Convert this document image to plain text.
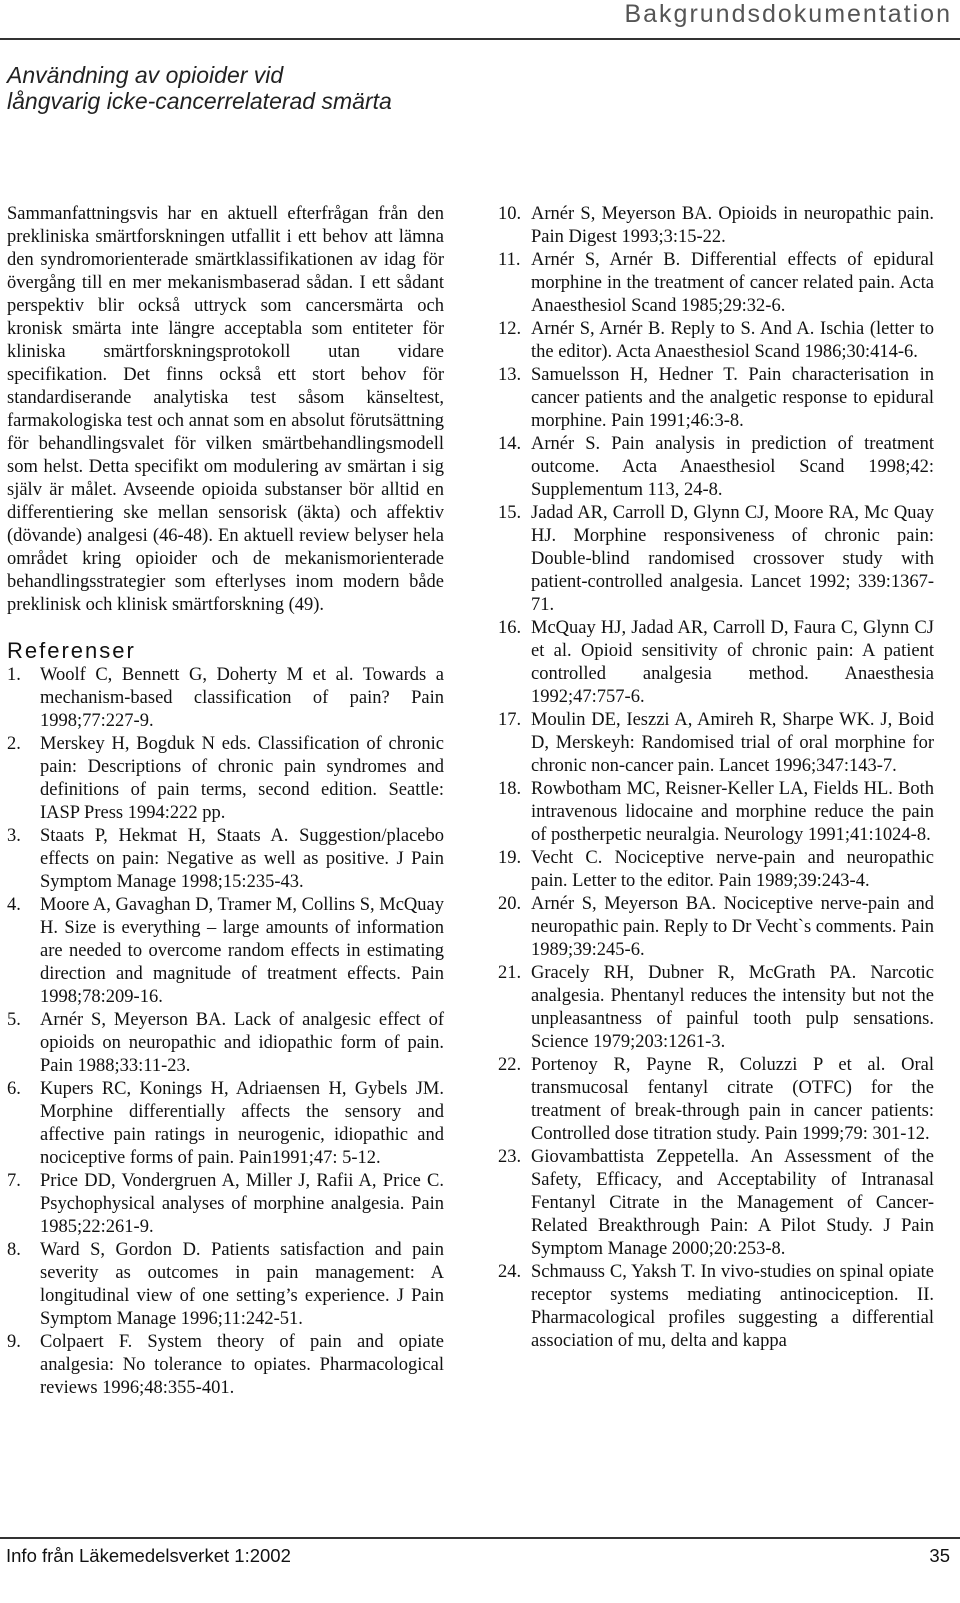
Bakgrundsdokumentation
Användning av opioider vid
långvarig icke-cancerrelaterad smärta

Sammanfattningsvis har en aktuell efterfrågan från den prekliniska smärtforskningen utfallit i ett behov att lämna den syndromorienterade smärtklassifikationen av idag för övergång till en mer mekanismbaserad sådan. I ett sådant perspektiv blir också uttryck som cancersmärta och kronisk smärta inte längre acceptabla som entiteter för kliniska smärtforskningsprotokoll utan vidare specifikation. Det finns också ett stort behov för standardiserande analytiska test såsom känseltest, farmakologiska test och annat som en absolut förutsättning för behandlingsvalet för vilken smärtbehandlingsmodell som helst. Detta specifikt om modulering av smärtan i sig själv är målet. Avseende opioida substanser bör alltid en differentiering ske mellan sensorisk (äkta) och affektiv (dövande) analgesi (46-48). En aktuell review belyser hela området kring opioider och de mekanismorienterade behandlingsstrategier som efterlyses inom modern både preklinisk och klinisk smärtforskning (49).

Referenser
1. Woolf C, Bennett G, Doherty M et al. Towards a mechanism-based classification of pain? Pain 1998;77:227-9.
2. Merskey H, Bogduk N eds. Classification of chronic pain: Descriptions of chronic pain syndromes and definitions of pain terms, second edition. Seattle: IASP Press 1994:222 pp.
3. Staats P, Hekmat H, Staats A. Suggestion/placebo effects on pain: Negative as well as positive. J Pain Symptom Manage 1998;15:235-43.
4. Moore A, Gavaghan D, Tramer M, Collins S, McQuay H. Size is everything – large amounts of information are needed to overcome random effects in estimating direction and magnitude of treatment effects. Pain 1998;78:209-16.
5. Arnér S, Meyerson BA. Lack of analgesic effect of opioids on neuropathic and idiopathic form of pain. Pain 1988;33:11-23.
6. Kupers RC, Konings H, Adriaensen H, Gybels JM. Morphine differentially affects the sensory and affective pain ratings in neurogenic, idiopathic and nociceptive forms of pain. Pain1991;47: 5-12.
7. Price DD, Vondergruen A, Miller J, Rafii A, Price C. Psychophysical analyses of morphine analgesia. Pain 1985;22:261-9.
8. Ward S, Gordon D. Patients satisfaction and pain severity as outcomes in pain management: A longitudinal view of one setting’s experience. J Pain Symptom Manage 1996;11:242-51.
9. Colpaert F. System theory of pain and opiate analgesia: No tolerance to opiates. Pharmacological reviews 1996;48:355-401.
10. Arnér S, Meyerson BA. Opioids in neuropathic pain. Pain Digest 1993;3:15-22.
11. Arnér S, Arnér B. Differential effects of epidural morphine in the treatment of cancer related pain. Acta Anaesthesiol Scand 1985;29:32-6.
12. Arnér S, Arnér B. Reply to S. And A. Ischia (letter to the editor). Acta Anaesthesiol Scand 1986;30:414-6.
13. Samuelsson H, Hedner T. Pain characterisation in cancer patients and the analgetic response to epidural morphine. Pain 1991;46:3-8.
14. Arnér S. Pain analysis in prediction of treatment outcome. Acta Anaesthesiol Scand 1998;42: Supplementum 113, 24-8.
15. Jadad AR, Carroll D, Glynn CJ, Moore RA, Mc Quay HJ. Morphine responsiveness of chronic pain: Double-blind randomised crossover study with patient-controlled analgesia. Lancet 1992; 339:1367-71.
16. McQuay HJ, Jadad AR, Carroll D, Faura C, Glynn CJ et al. Opioid sensitivity of chronic pain: A patient controlled analgesia method. Anaesthesia 1992;47:757-6.
17. Moulin DE, Ieszzi A, Amireh R, Sharpe WK. J, Boid D, Merskeyh: Randomised trial of oral morphine for chronic non-cancer pain. Lancet 1996;347:143-7.
18. Rowbotham MC, Reisner-Keller LA, Fields HL. Both intravenous lidocaine and morphine reduce the pain of postherpetic neuralgia. Neurology 1991;41:1024-8.
19. Vecht C. Nociceptive nerve-pain and neuropathic pain. Letter to the editor. Pain 1989;39:243-4.
20. Arnér S, Meyerson BA. Nociceptive nerve-pain and neuropathic pain. Reply to Dr Vecht`s comments. Pain 1989;39:245-6.
21. Gracely RH, Dubner R, McGrath PA. Narcotic analgesia. Phentanyl reduces the intensity but not the unpleasantness of painful tooth pulp sensations. Science 1979;203:1261-3.
22. Portenoy R, Payne R, Coluzzi P et al. Oral transmucosal fentanyl citrate (OTFC) for the treatment of break-through pain in cancer patients: Controlled dose titration study. Pain 1999;79: 301-12.
23. Giovambattista Zeppetella. An Assessment of the Safety, Efficacy, and Acceptability of Intranasal Fentanyl Citrate in the Management of Cancer-Related Breakthrough Pain: A Pilot Study. J Pain Symptom Manage 2000;20:253-8.
24. Schmauss C, Yaksh T. In vivo-studies on spinal opiate receptor systems mediating antinociception. II. Pharmacological profiles suggesting a differential association of mu, delta and kappa
Info från Läkemedelsverket 1:2002	35
